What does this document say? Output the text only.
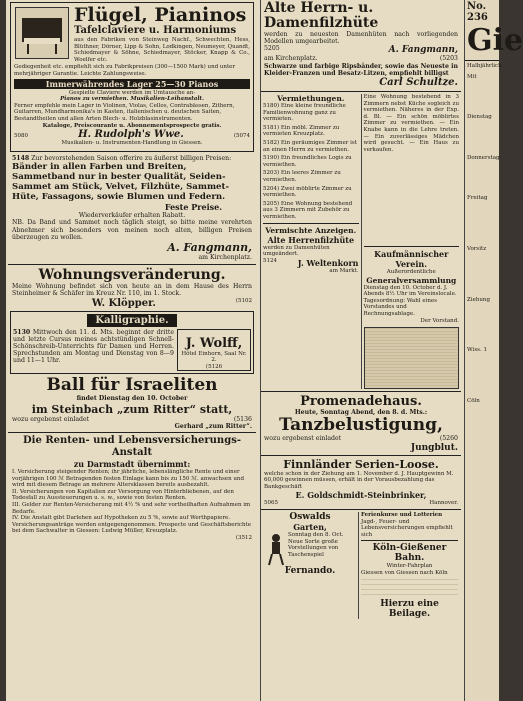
Flügel, Pianinos
Tafelclaviere u. Harmoniums
aus den Fabriken von Steinweg Nachf., Schwechten, Hess, Blüthner, Dörner, Lipp & Sohn, Lodkingen, Neumeyer, Quandt, Schiedmayer & Söhne, Schiedmayer, Stöcker, Knapp & Co., Woelfer etc.
Gediegenheit etc. empfiehlt sich zu Fabrikpreisen (300—1500 Mark) und unter mehrjähriger Garantie. Leichte Zahlungsweise.
Immerwährendes Lager 25—30 Pianos
Gespielte Claviere werden im Umtausche an-
Pianos zu vermiethen. Musikalien-Leihanstalt.
Ferner empfehle mein Lager in Violinen, Violas, Cellos, Contrabässen, Zithern, Guitarren, Mundharmonika's in Kasten, italienischen u. deutschen Saiten, Bestandtheilen und allen Arten Blech- u. Holzblasinstrumenten.
Kataloge, Preiscourante u. Abonnementsprospecte gratis.
5080	H. Rudolph's Wwe.	(5074
Musikalien- u. Instrumenten-Handlung in Giessen.
5148 Zur bevorstehenden Saison offerire zu äußerst billigen Preisen:
Bänder in allen Farben und Breiten, Sammetband nur in bester Qualität, Seiden-Sammet am Stück, Velvet, Filzhüte, Sammet-Hüte, Fassagons, sowie Blumen und Federn.
Feste Preise.
Wiederverkäufer erhalten Rabatt.
NB. Da Band und Sammet noch täglich steigt, so bitte meine verehrten Abnehmer sich besonders von meinen noch alten, billigen Preisen überzeugen zu wollen.
A. Fangmann,
am Kirchenplatz.
Wohnungsveränderung.
Meine Wohnung befindet sich von heute an in dem Hause des Herrn Steinheimer & Schäfer im Kreuz Nr. 110, im 1. Stock.
W. Klöpper.	(5102
Kalligraphie.
5130 Mittwoch den 11. d. Mts. beginnt der dritte und letzte Cursus meines achtstündigen Schnell-Schönschreib-Unterrichts für Damen und Herren. Sprechstunden am Montag und Dienstag von 8—9 und 11—1 Uhr.
J. Wolff,
Hôtel Einhorn, Saal Nr. 2.
(5126
Ball für Israeliten
findet Dienstag den 10. October
im Steinbach „zum Ritter“ statt,
wozu ergebenst einladet	(5136
Gerhard „zum Ritter“.
Die Renten- und Lebensversicherungs-Anstalt
zu Darmstadt übernimmt:
I. Versicherung steigender Renten; ihr jährliche, lebenslängliche Rente und einer vorjährigen 100 ℳ Betragenden festen Einlage kann bis zu 150 ℳ. anwachsen und wird mit diesem Betrage an mehrere Altersklassen bereits ausbezahlt.
II. Versicherungen von Kapitalien zur Versorgung von Hinterbliebenen, auf den Todesfall zu Aussteuerungen u. s. w., sowie von festen Renten.
III. Gelder zur Renten-Versicherung mit 4½ % und sehr vortheilhaften Aufnahmen im Bedarfe.
IV. Die Anstalt gibt Darlehen auf Hypotheken zu 5 %, sowie auf Werthpapiere.
Versicherungsanträge werden entgegengenommen. Prospecte und Geschäftsberichte bei dem Sachwalter in Giessen: Ludwig Müller, Kreuzplatz.
(3512
Alte Herrn- u. Damenfilzhüte
werden zu neuesten Damenhüten nach vorliegenden Modellen umgearbeitet.
5205	A. Fangmann,
am Kirchenplatz.	(5203
Schwarze und farbige Ripsbänder, sowie das Neueste in Kleider-Franzen und Besatz-Litzen, empfiehlt billigst
Carl Schultze.
Vermiethungen.
5180) Eine kleine freundliche Familienwohnung ganz zu vermieten.
5181) Ein möbl. Zimmer zu vermieten Kreuzplatz.
5182) Ein geräumiges Zimmer ist an einen Herrn zu vermiethen.
5190) Ein freundliches Logis zu vermiethen.
5203) Ein leeres Zimmer zu vermiethen.
5204) Zwei möblirte Zimmer zu vermiethen.
5205) Eine Wohnung bestehend aus 3 Zimmern mit Zubehör zu vermiethen.
Vermischte Anzeigen.
Alte Herrenfilzhüte
werden zu Damenhüten umgeändert.
5124	J. Weltenkorn
am Markt.
Eine Wohnung bestehend in 3 Zimmern nebst Küche sogleich zu vermiethen. Näheres in der Exp. d. Bl. — Ein schön möblirtes Zimmer zu vermiethen. — Ein Knabe kann in die Lehre treten. — Ein zuverlässiges Mädchen wird gesucht. — Ein Haus zu verkaufen.
Kaufmännischer Verein.
Außerordentliche
Generalversammlung
Dienstag den 10. October d. J. Abends 8½ Uhr im Vereinslocale. Tagesordnung: Wahl eines Vorstandes und Rechnungsablage.
Der Vorstand.
Promenadehaus.
Heute, Sonntag Abend, den 8. d. Mts.:
Tanzbelustigung,
wozu ergebenst einladet	(5260
Jungblut.
Finnländer Serien-Loose.
welche schon in der Ziehung am 1. November d. J. Hauptgewinn M. 60,000 gewinnen müssen, erhält in der Vorausbezahlung das Bankgeschäft
E. Goldschmidt-Steinbrinker,
5065	Hannover.
Oswalds
Garten,
Sonntag den 8. Oct. Neue Sorte große Vorstellungen von Taschenspiel
Fernando.
Ferienkurse und Lotterien
Jagd-, Feuer- und Lebensversicherungen empfiehlt sich
Köln-Gießener Bahn.
Winter-Fahrplan
Giessen von Giessen nach Köln
Hierzu eine Beilage.
No. 236
Gie
Halbjährlich
Mit
Dienstag
Donnerstag
Freitag
Vorsitz
Ziehung
Wiss. 1
Cöln
